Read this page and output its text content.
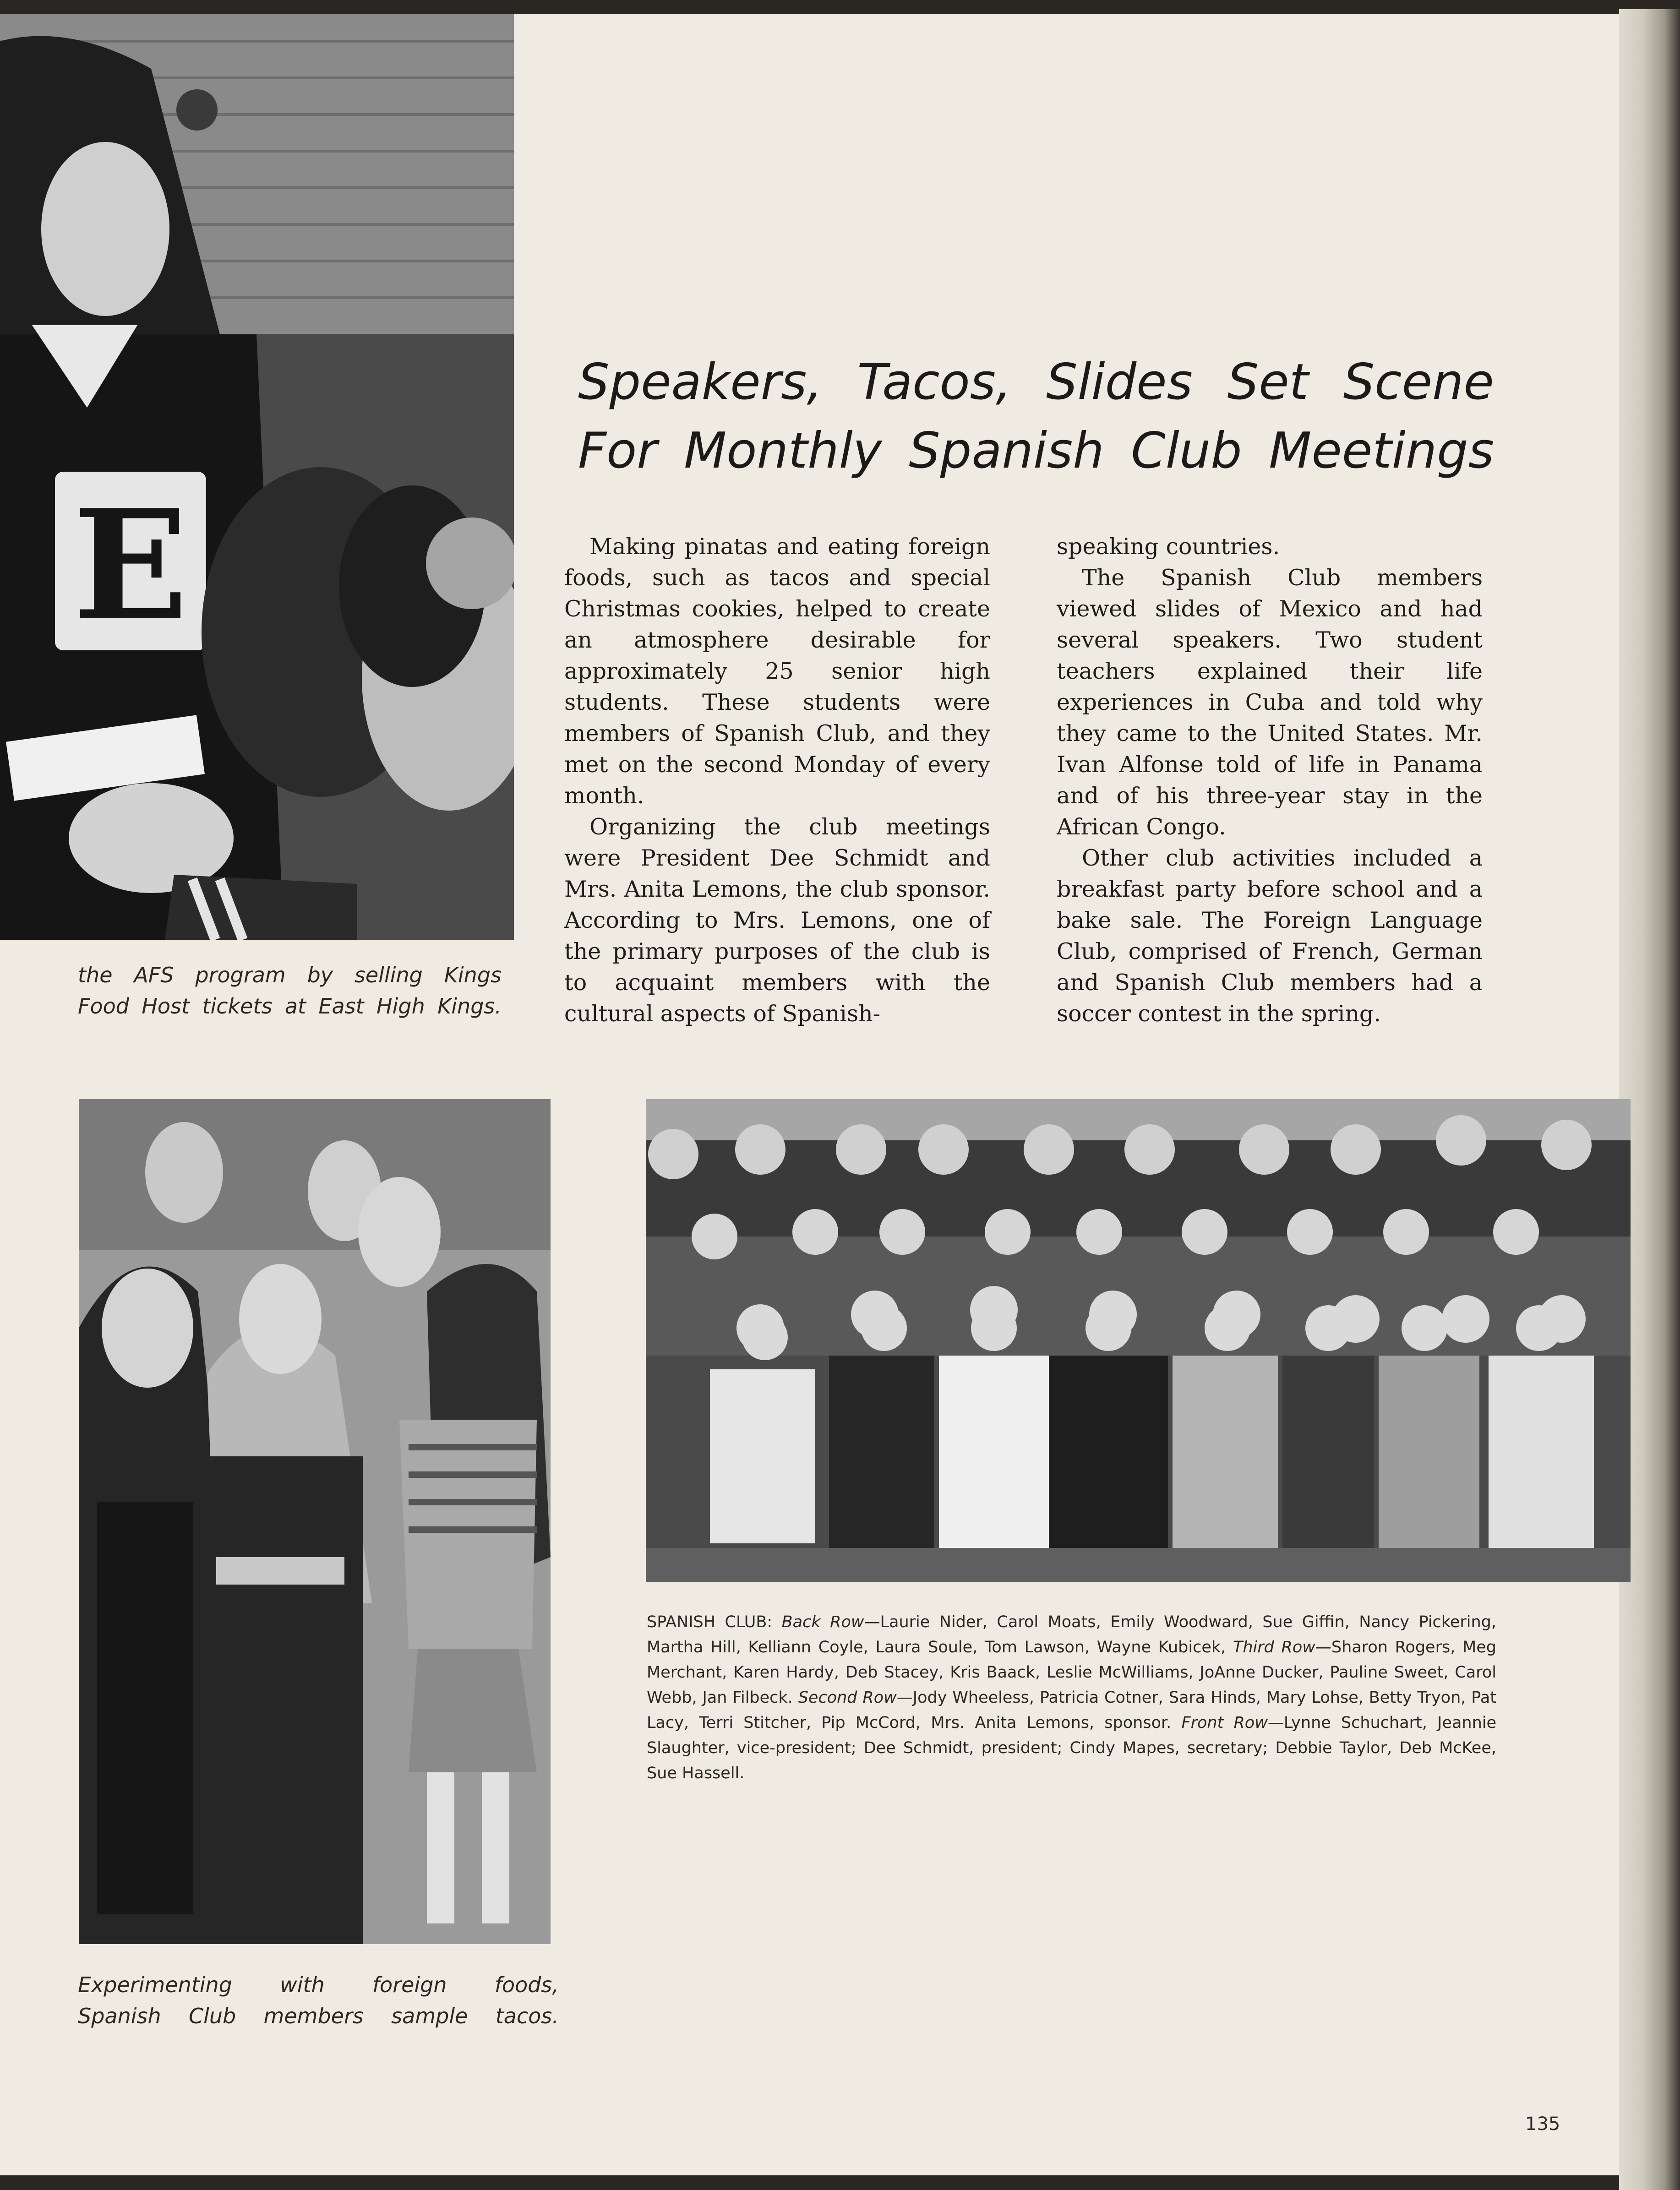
E
Speakers, Tacos, Slides Set Scene
For Monthly Spanish Club Meetings

Making pinatas and eating foreign foods, such as tacos and special Christmas cookies, helped to create an atmosphere desirable for approximately 25 senior high students. These students were members of Spanish Club, and they met on the second Monday of every month.

Organizing the club meetings were President Dee Schmidt and Mrs. Anita Lemons, the club sponsor. According to Mrs. Lemons, one of the primary purposes of the club is to acquaint members with the cultural aspects of Spanish-

speaking countries.

The Spanish Club members viewed slides of Mexico and had several speakers. Two student teachers explained their life experiences in Cuba and told why they came to the United States. Mr. Ivan Alfonse told of life in Panama and of his three-year stay in the African Congo.

Other club activities included a breakfast party before school and a bake sale. The Foreign Language Club, comprised of French, German and Spanish Club members had a soccer contest in the spring.

the AFS program by selling Kings
Food Host tickets at East High Kings.
Experimenting with foreign foods,
Spanish Club members sample tacos.
SPANISH CLUB: Back Row—Laurie Nider, Carol Moats, Emily Woodward, Sue Giffin, Nancy Pickering, Martha Hill, Kelliann Coyle, Laura Soule, Tom Lawson, Wayne Kubicek, Third Row—Sharon Rogers, Meg Merchant, Karen Hardy, Deb Stacey, Kris Baack, Leslie McWilliams, JoAnne Ducker, Pauline Sweet, Carol Webb, Jan Filbeck. Second Row—Jody Wheeless, Patricia Cotner, Sara Hinds, Mary Lohse, Betty Tryon, Pat Lacy, Terri Stitcher, Pip McCord, Mrs. Anita Lemons, sponsor. Front Row—Lynne Schuchart, Jeannie Slaughter, vice-president; Dee Schmidt, president; Cindy Mapes, secretary; Debbie Taylor, Deb McKee, Sue Hassell.
135
